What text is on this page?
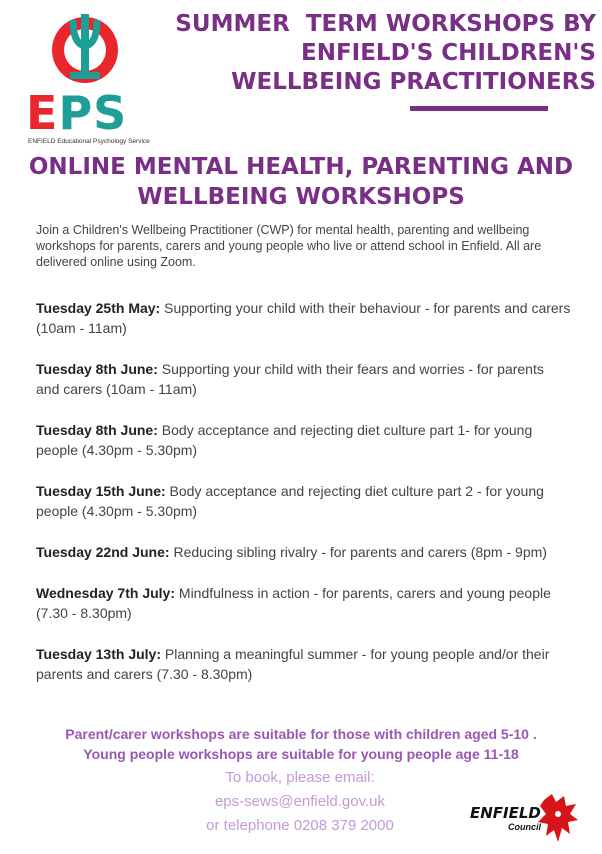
EPS
ENFIELD Educational Psychology Service
SUMMER  TERM WORKSHOPS BY
ENFIELD'S CHILDREN'S
WELLBEING PRACTITIONERS
ONLINE MENTAL HEALTH, PARENTING AND
WELLBEING WORKSHOPS

Join a Children's Wellbeing Practitioner (CWP) for mental health, parenting and wellbeing workshops for parents, carers and young people who live or attend school in Enfield. All are delivered online using Zoom.

Tuesday 25th May: Supporting your child with their behaviour - for parents and carers (10am - 11am)

Tuesday 8th June: Supporting your child with their fears and worries - for parents and carers (10am - 11am)

Tuesday 8th June: Body acceptance and rejecting diet culture part 1- for young people (4.30pm - 5.30pm)

Tuesday 15th June: Body acceptance and rejecting diet culture part 2 - for young people (4.30pm - 5.30pm)

Tuesday 22nd June: Reducing sibling rivalry - for parents and carers (8pm - 9pm)

Wednesday 7th July: Mindfulness in action - for parents, carers and young people (7.30 - 8.30pm)

Tuesday 13th July: Planning a meaningful summer - for young people and/or their parents and carers (7.30 - 8.30pm)

Parent/carer workshops are suitable for those with children aged 5-10 .
Young people workshops are suitable for young people age 11-18
To book, please email:
eps-sews@enfield.gov.uk
or telephone 0208 379 2000
ENFIELD
Council
